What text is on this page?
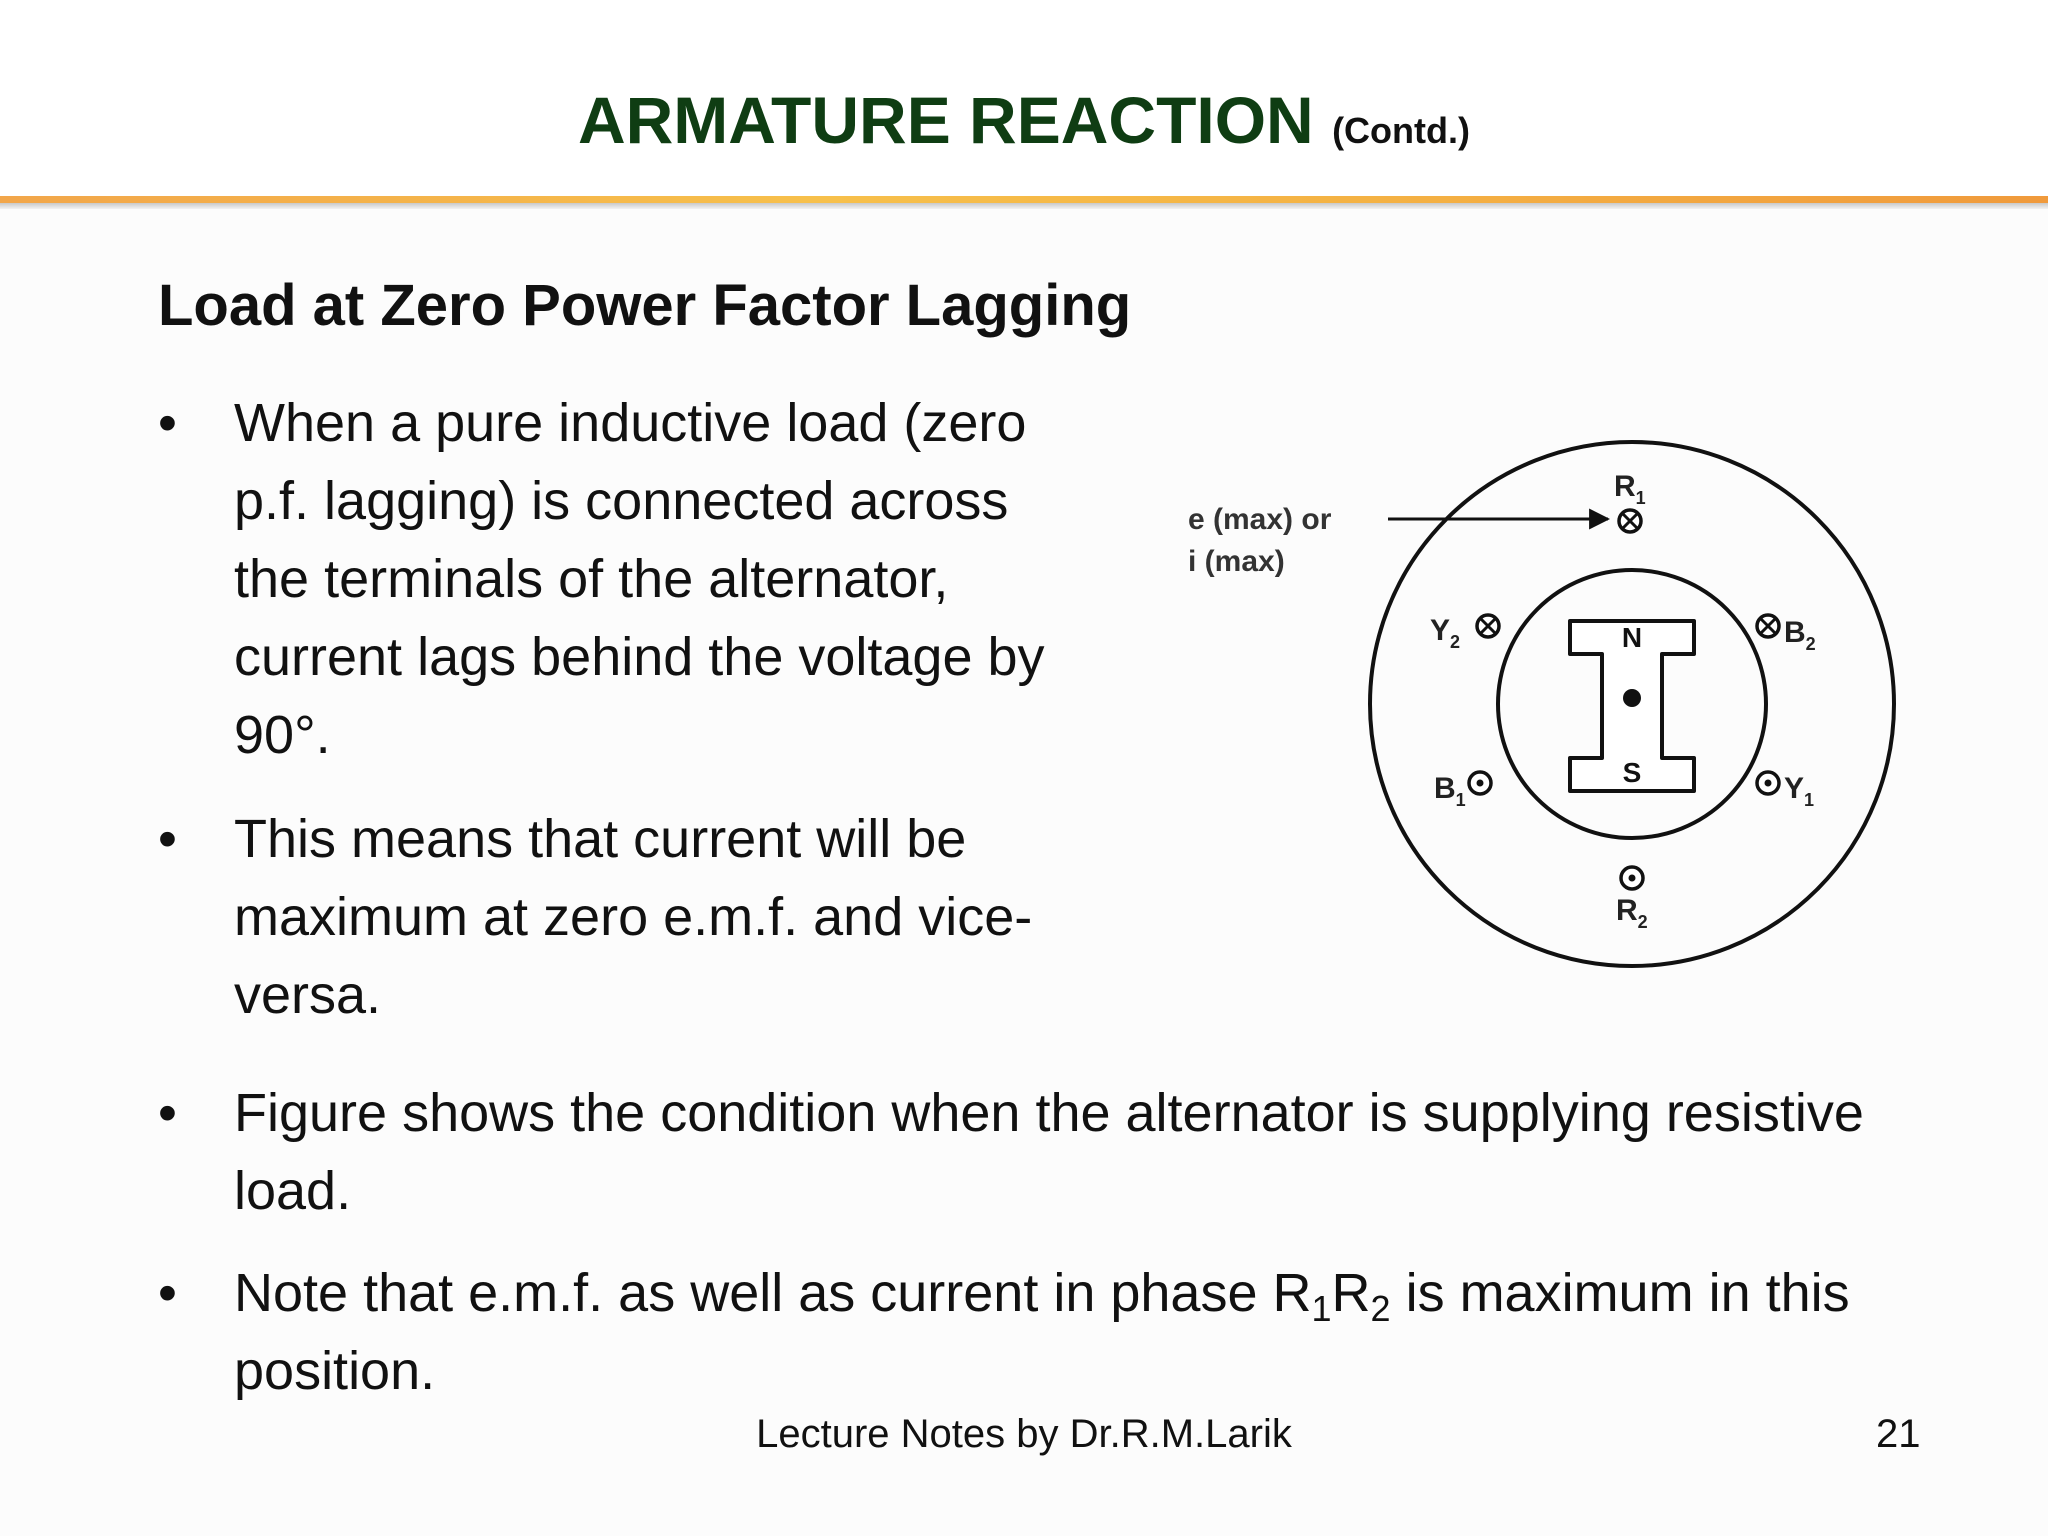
ARMATURE REACTION (Contd.)
Load at Zero Power Factor Lagging
•	When a pure inductive load (zero p.f. lagging) is connected across the terminals of the alternator, current lags behind the voltage by 90°.
•	This means that current will be maximum at zero e.m.f. and vice-versa.
•	Figure shows the condition when the alternator is supplying resistive load.
•	Note that e.m.f. as well as current in phase $R_1R_2$ is maximum in this position.
N
S
$R_1$
$R_2$
$Y_2$	$B_2$
$B_1$	$Y_1$
e (max) or
i (max)
Lecture Notes by Dr.R.M.Larik	21
